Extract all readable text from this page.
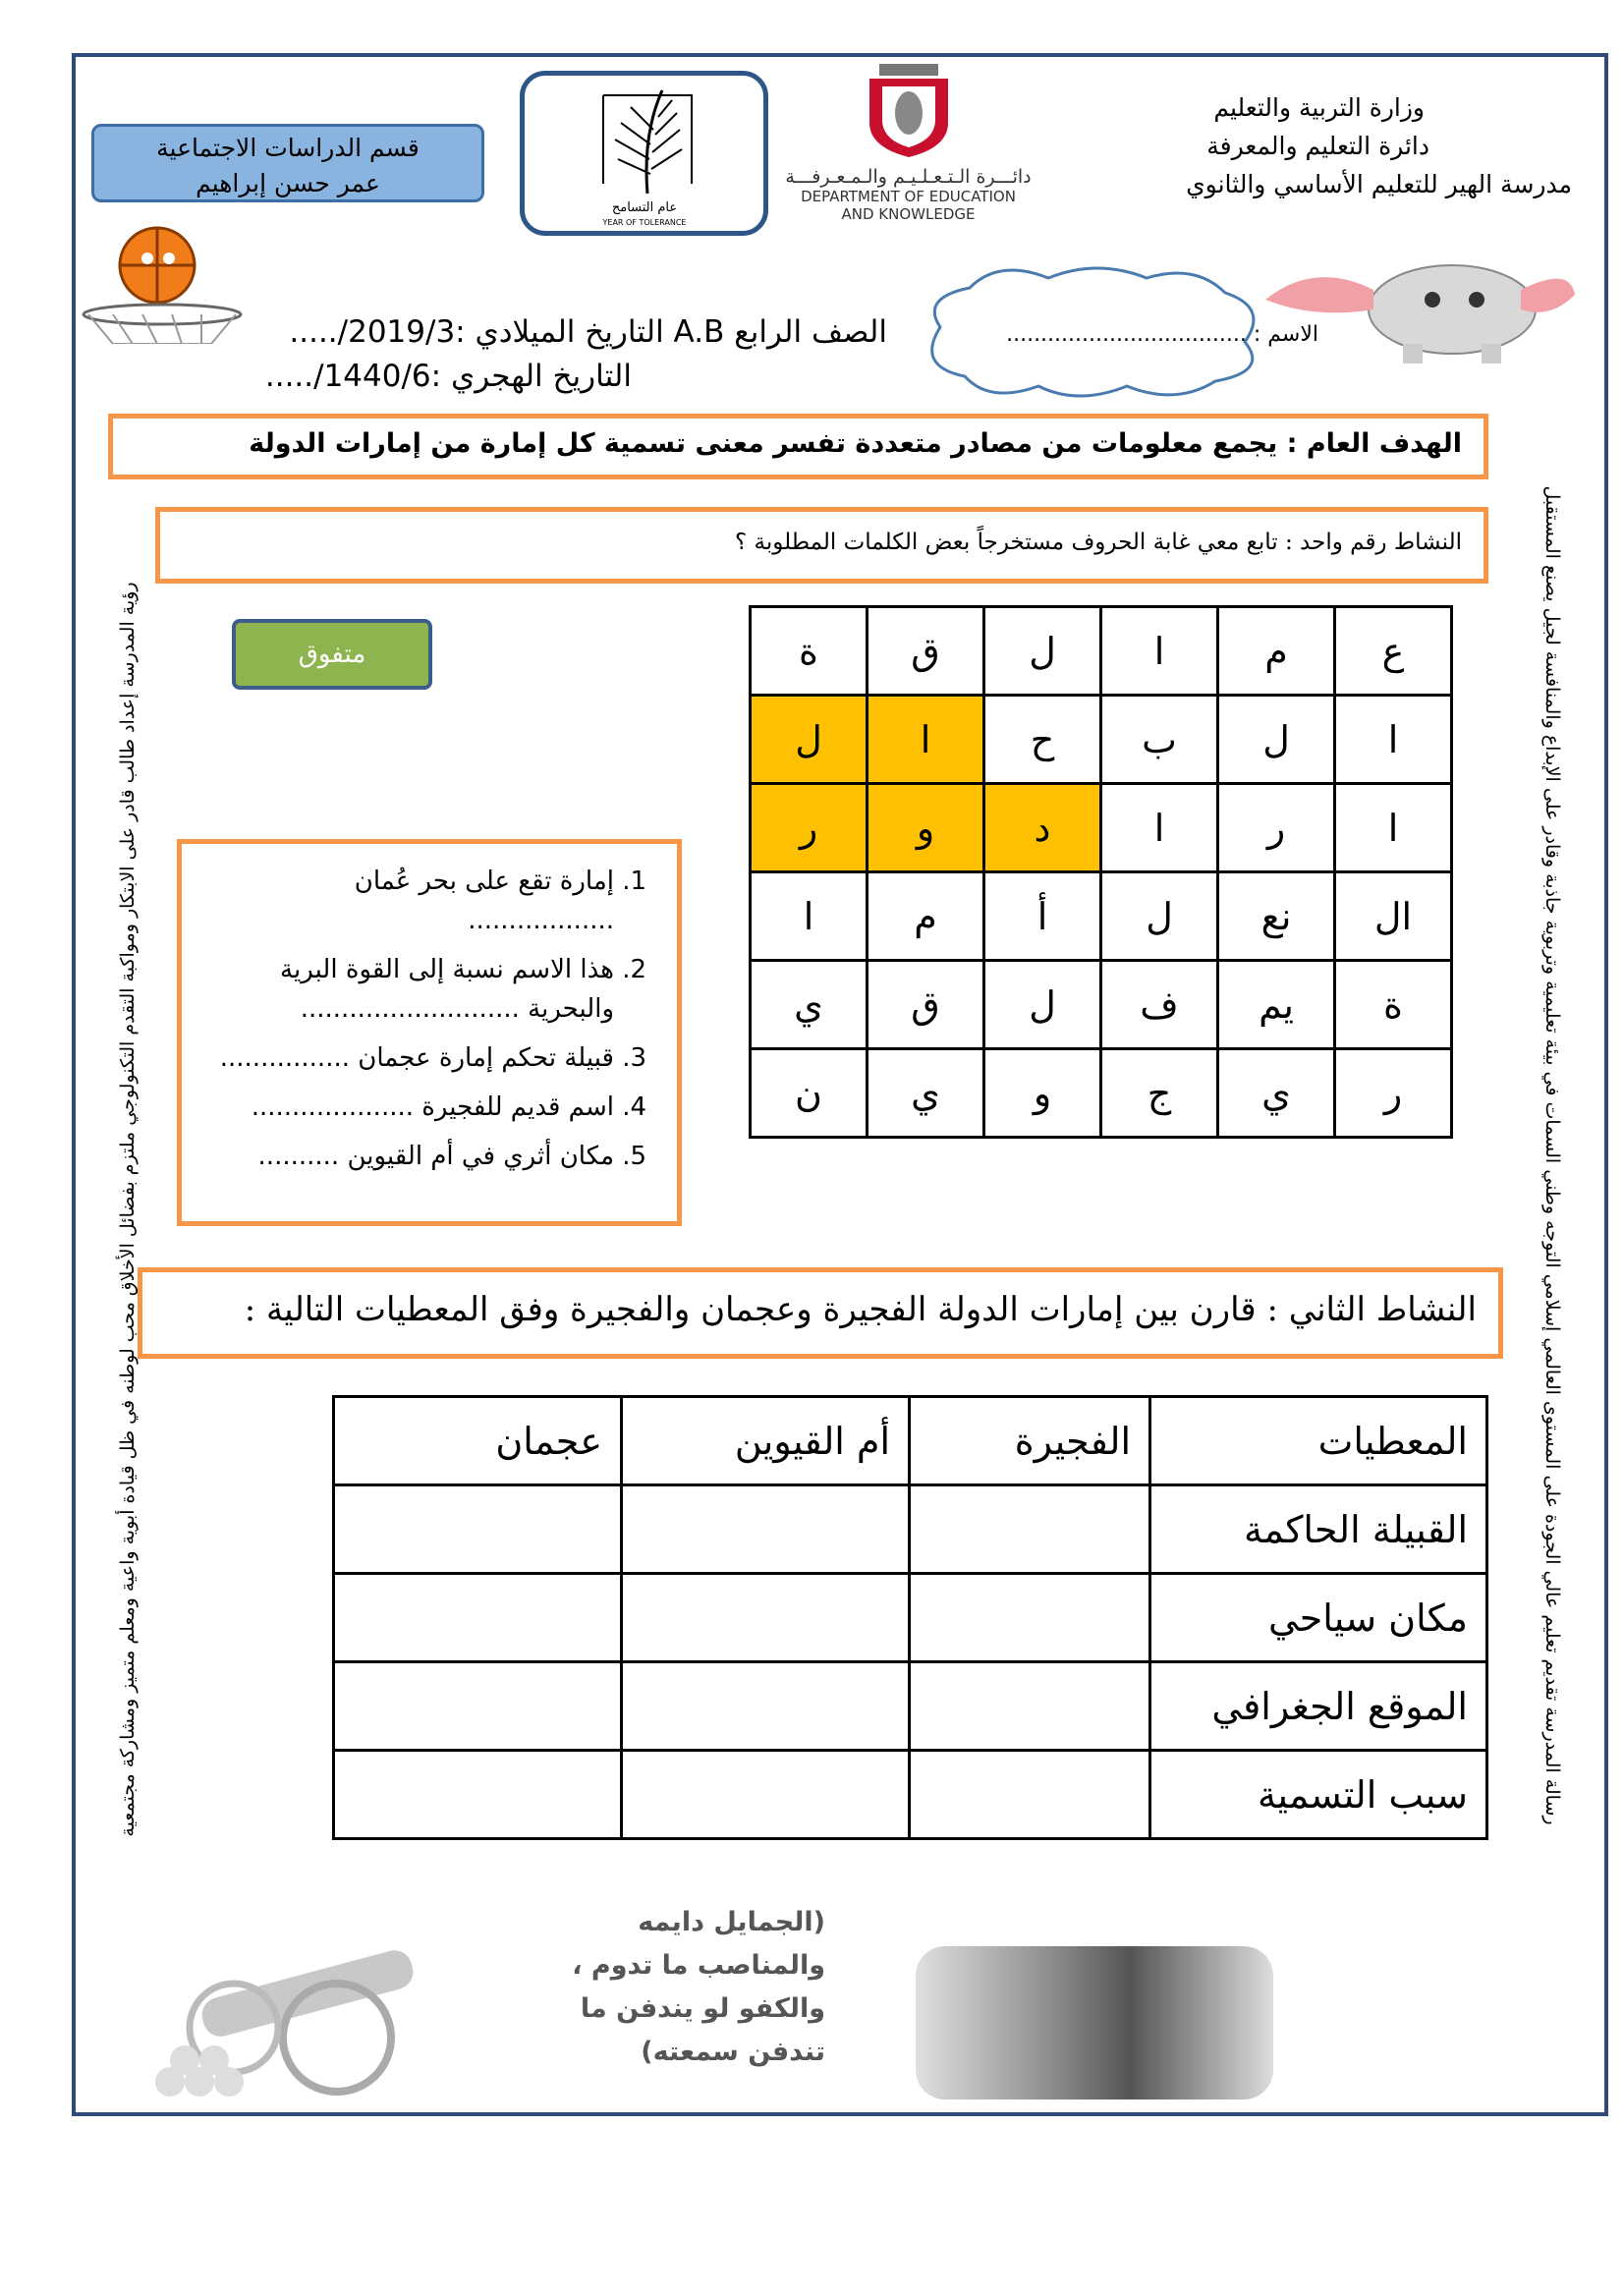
قسم الدراسات الاجتماعية
عمر حسن إبراهيم
عام التسامح
YEAR OF TOLERANCE
دائـــرة الـتـعـلـيـم والـمـعـرفـــة
DEPARTMENT OF EDUCATION
AND KNOWLEDGE
وزارة التربية والتعليم
دائرة التعليم والمعرفة
مدرسة الهير للتعليم الأساسي والثانوي
الاسم : ...................................
الصف الرابع A.B التاريخ الميلادي :2019/3/.....
التاريخ الهجري :1440/6/.....
الهدف العام : يجمع معلومات من مصادر متعددة تفسر معنى تسمية كل إمارة من إمارات الدولة
النشاط رقم واحد : تابع معي غابة الحروف مستخرجاً بعض الكلمات المطلوبة ؟
ة	ق	ل	ا	م	ع
ل	ا	ح	ب	ل	ا
ر	و	د	ا	ر	ا
ا	م	أ	ل	نع	ال
ي	ق	ل	ف	يم	ة
ن	ي	و	ج	ي	ر
متفوق
1. إمارة تقع على بحر عُمان ..................
2. هذا الاسم نسبة إلى القوة البرية والبحرية ...........................
3. قبيلة تحكم إمارة عجمان ................
4. اسم قديم للفجيرة ....................
5. مكان أثري في أم القيوين ..........
النشاط الثاني : قارن بين إمارات الدولة الفجيرة وعجمان والفجيرة وفق المعطيات التالية :
المعطيات	الفجيرة	أم القيوين	عجمان
القبيلة الحاكمة			
مكان سياحي			
الموقع الجغرافي			
سبب التسمية			
رؤية المدرسة إعداد طالب قادر على الابتكار ومواكبة التقدم التكنولوجي ملتزم بفضائل الأخلاق محب لوطنه في ظل قيادة أبوية واعية ومعلم متميز ومشاركة مجتمعية	رسالة المدرسة تقديم تعليم عالي الجودة على المستوى العالمي إسلامي التوجه وطني السمات في بيئة تعليمية وتربوية جاذبة وقادر على الإبداع والمنافسة لجيل يصنع المستقبل
(الجمايل دايمه
والمناصب ما تدوم ،
والكفو لو يندفن ما
تندفن سمعته)
